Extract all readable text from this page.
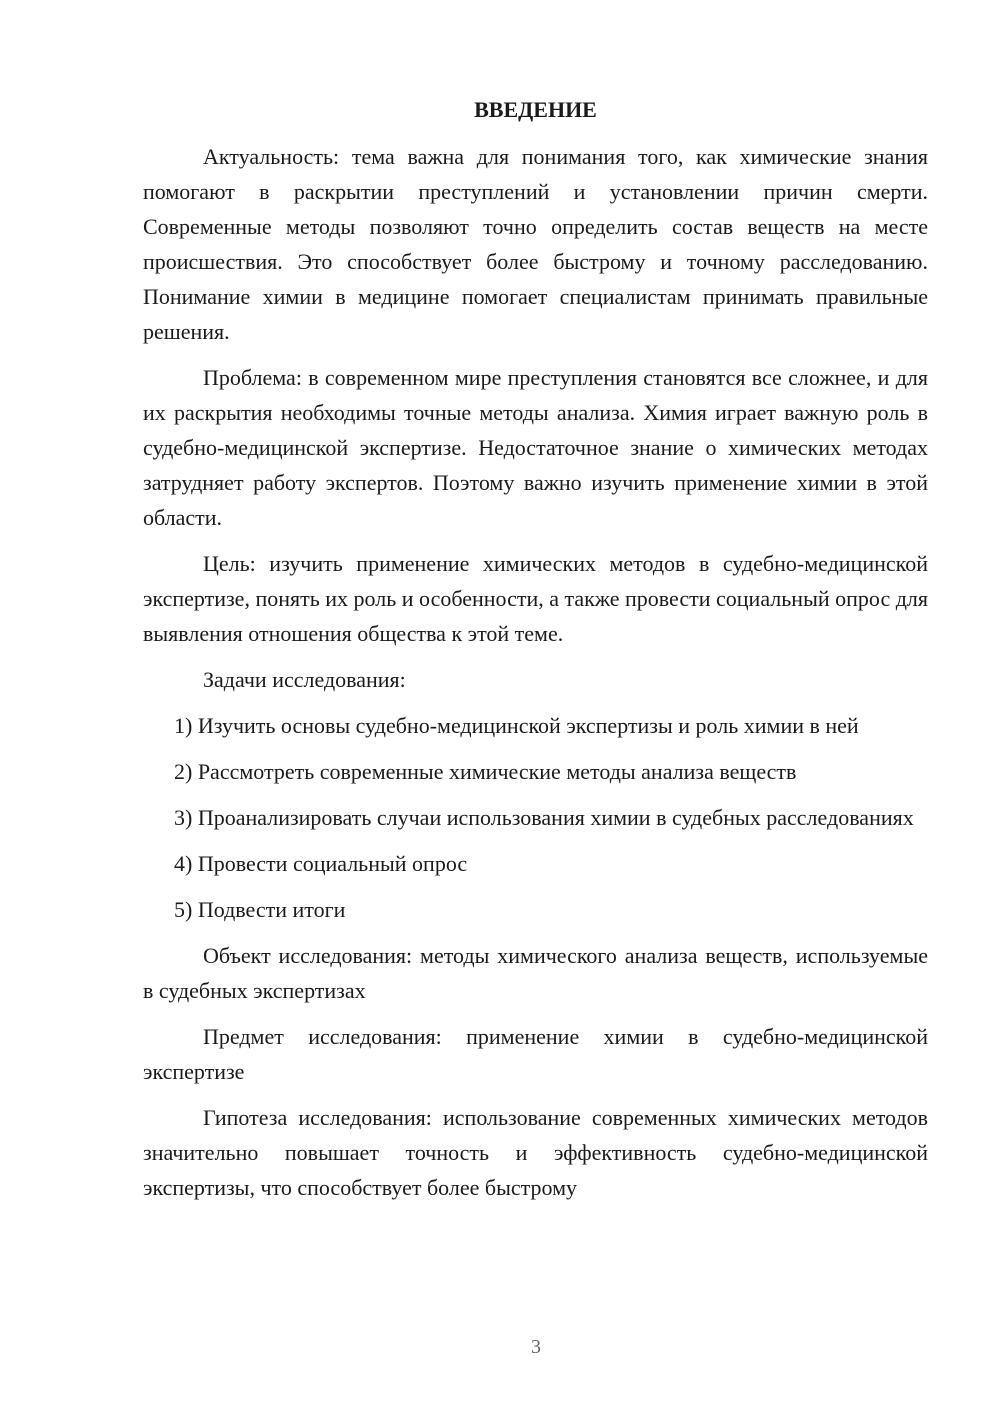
ВВЕДЕНИЕ

Актуальность: тема важна для понимания того, как химические знания помогают в раскрытии преступлений и установлении причин смерти. Современные методы позволяют точно определить состав веществ на месте происшествия. Это способствует более быстрому и точному расследованию. Понимание химии в медицине помогает специалистам принимать правильные решения.

Проблема: в современном мире преступления становятся все сложнее, и для их раскрытия необходимы точные методы анализа. Химия играет важную роль в судебно-медицинской экспертизе. Недостаточное знание о химических методах затрудняет работу экспертов. Поэтому важно изучить применение химии в этой области.

Цель: изучить применение химических методов в судебно-медицинской экспертизе, понять их роль и особенности, а также провести социальный опрос для выявления отношения общества к этой теме.

Задачи исследования:

1) Изучить основы судебно-медицинской экспертизы и роль химии в ней

2) Рассмотреть современные химические методы анализа веществ

3) Проанализировать случаи использования химии в судебных расследованиях

4) Провести социальный опрос

5) Подвести итоги

Объект исследования: методы химического анализа веществ, используемые в судебных экспертизах

Предмет исследования: применение химии в судебно-медицинской экспертизе

Гипотеза исследования: использование современных химических методов значительно повышает точность и эффективность судебно-медицинской экспертизы, что способствует более быстрому

3
